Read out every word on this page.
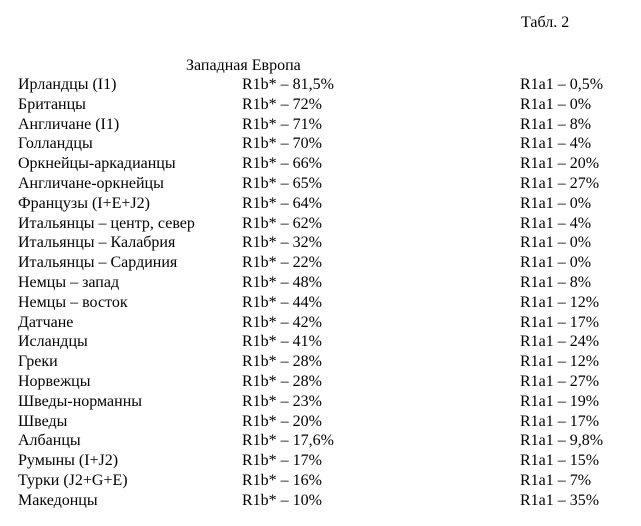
Табл. 2
Западная Европа
Ирландцы (I1)	R1b* – 81,5%	R1a1 – 0,5%
Британцы	R1b* – 72%	R1a1 – 0%
Англичане (I1)	R1b* – 71%	R1a1 – 8%
Голландцы	R1b* – 70%	R1a1 – 4%
Оркнейцы-аркадианцы	R1b* – 66%	R1a1 – 20%
Англичане-оркнейцы	R1b* – 65%	R1a1 – 27%
Французы (I+E+J2)	R1b* – 64%	R1a1 – 0%
Итальянцы – центр, север	R1b* – 62%	R1a1 – 4%
Итальянцы – Калабрия	R1b* – 32%	R1a1 – 0%
Итальянцы – Сардиния	R1b* – 22%	R1a1 – 0%
Немцы – запад	R1b* – 48%	R1a1 – 8%
Немцы – восток	R1b* – 44%	R1a1 – 12%
Датчане	R1b* – 42%	R1a1 – 17%
Исландцы	R1b* – 41%	R1a1 – 24%
Греки	R1b* – 28%	R1a1 – 12%
Норвежцы	R1b* – 28%	R1a1 – 27%
Шведы-норманны	R1b* – 23%	R1a1 – 19%
Шведы	R1b* – 20%	R1a1 – 17%
Албанцы	R1b* – 17,6%	R1a1 – 9,8%
Румыны (I+J2)	R1b* – 17%	R1a1 – 15%
Турки (J2+G+E)	R1b* – 16%	R1a1 – 7%
Македонцы	R1b* – 10%	R1a1 – 35%
